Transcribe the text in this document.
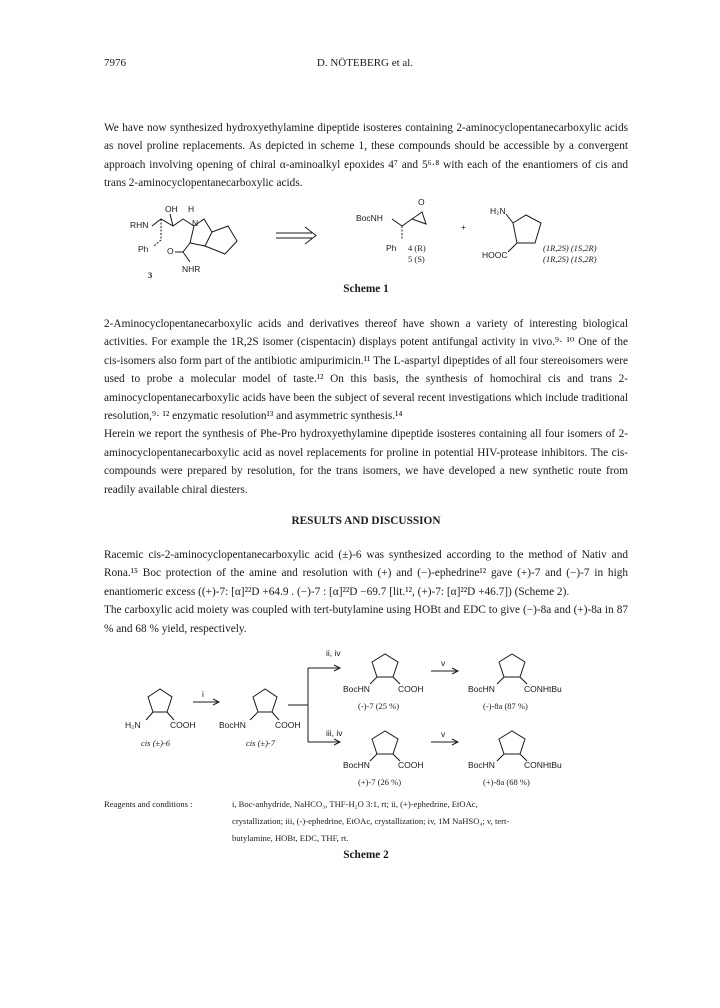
7976	D. NÖTEBERG et al.

We have now synthesized hydroxyethylamine dipeptide isosteres containing 2-aminocyclopentanecarboxylic acids as novel proline replacements. As depicted in scheme 1, these compounds should be accessible by a convergent approach involving opening of chiral α-aminoalkyl epoxides 4⁷ and 5⁶·⁸ with each of the enantiomers of cis and trans 2-aminocyclopentanecarboxylic acids.

OH H
RHN	N
Ph O
NHR
3
BocNH
O
Ph 4 (R)
5 (S)
+
H₂N
HOOC
(1R,2S) (1S,2R)
(1R,2S) (1S,2R)
Scheme 1

2-Aminocyclopentanecarboxylic acids and derivatives thereof have shown a variety of interesting biological activities. For example the 1R,2S isomer (cispentacin) displays potent antifungal activity in vivo.⁹· ¹⁰ One of the cis-isomers also form part of the antibiotic amipurimicin.¹¹ The L-aspartyl dipeptides of all four stereoisomers were used to probe a molecular model of taste.¹² On this basis, the synthesis of homochiral cis and trans 2-aminocyclopentanecarboxylic acids have been the subject of several recent investigations which include traditional resolution,⁹· ¹² enzymatic resolution¹³ and asymmetric synthesis.¹⁴

Herein we report the synthesis of Phe-Pro hydroxyethylamine dipeptide isosteres containing all four isomers of 2-aminocyclopentanecarboxylic acid as novel replacements for proline in potential HIV-protease inhibitors. The cis-compounds were prepared by resolution, for the trans isomers, we have developed a new synthetic route from readily available chiral diesters.

RESULTS AND DISCUSSION

Racemic cis-2-aminocyclopentanecarboxylic acid (±)-6 was synthesized according to the method of Nativ and Rona.¹⁵ Boc protection of the amine and resolution with (+) and (−)-ephedrine¹² gave (+)-7 and (−)-7 in high enantiomeric excess ((+)-7: [α]²²D +64.9 . (−)-7 : [α]²²D −69.7 [lit.¹², (+)-7: [α]²²D +46.7]) (Scheme 2).

The carboxylic acid moiety was coupled with tert-butylamine using HOBt and EDC to give (−)-8a and (+)-8a in 87 % and 68 % yield, respectively.

ii, iv
iii, iv
i
v
v
H₂N	COOH
cis (±)-6
BocHN	COOH
cis (±)-7
BocHN	COOH
(-)-7 (25 %)
BocHN	CONHtBu
(-)-8a (87 %)
BocHN	COOH
(+)-7 (26 %)
BocHN	CONHtBu
(+)-8a (68 %)
Reagents and conditions :	i, Boc-anhydride, NaHCO₃, THF-H₂O 3:1, rt; ii, (+)-ephedrine, EtOAc,
crystallization; iii, (-)-ephedrine, EtOAc, crystallization; iv, 1M NaHSO₄; v, tert-
butylamine, HOBt, EDC, THF, rt.
Scheme 2
